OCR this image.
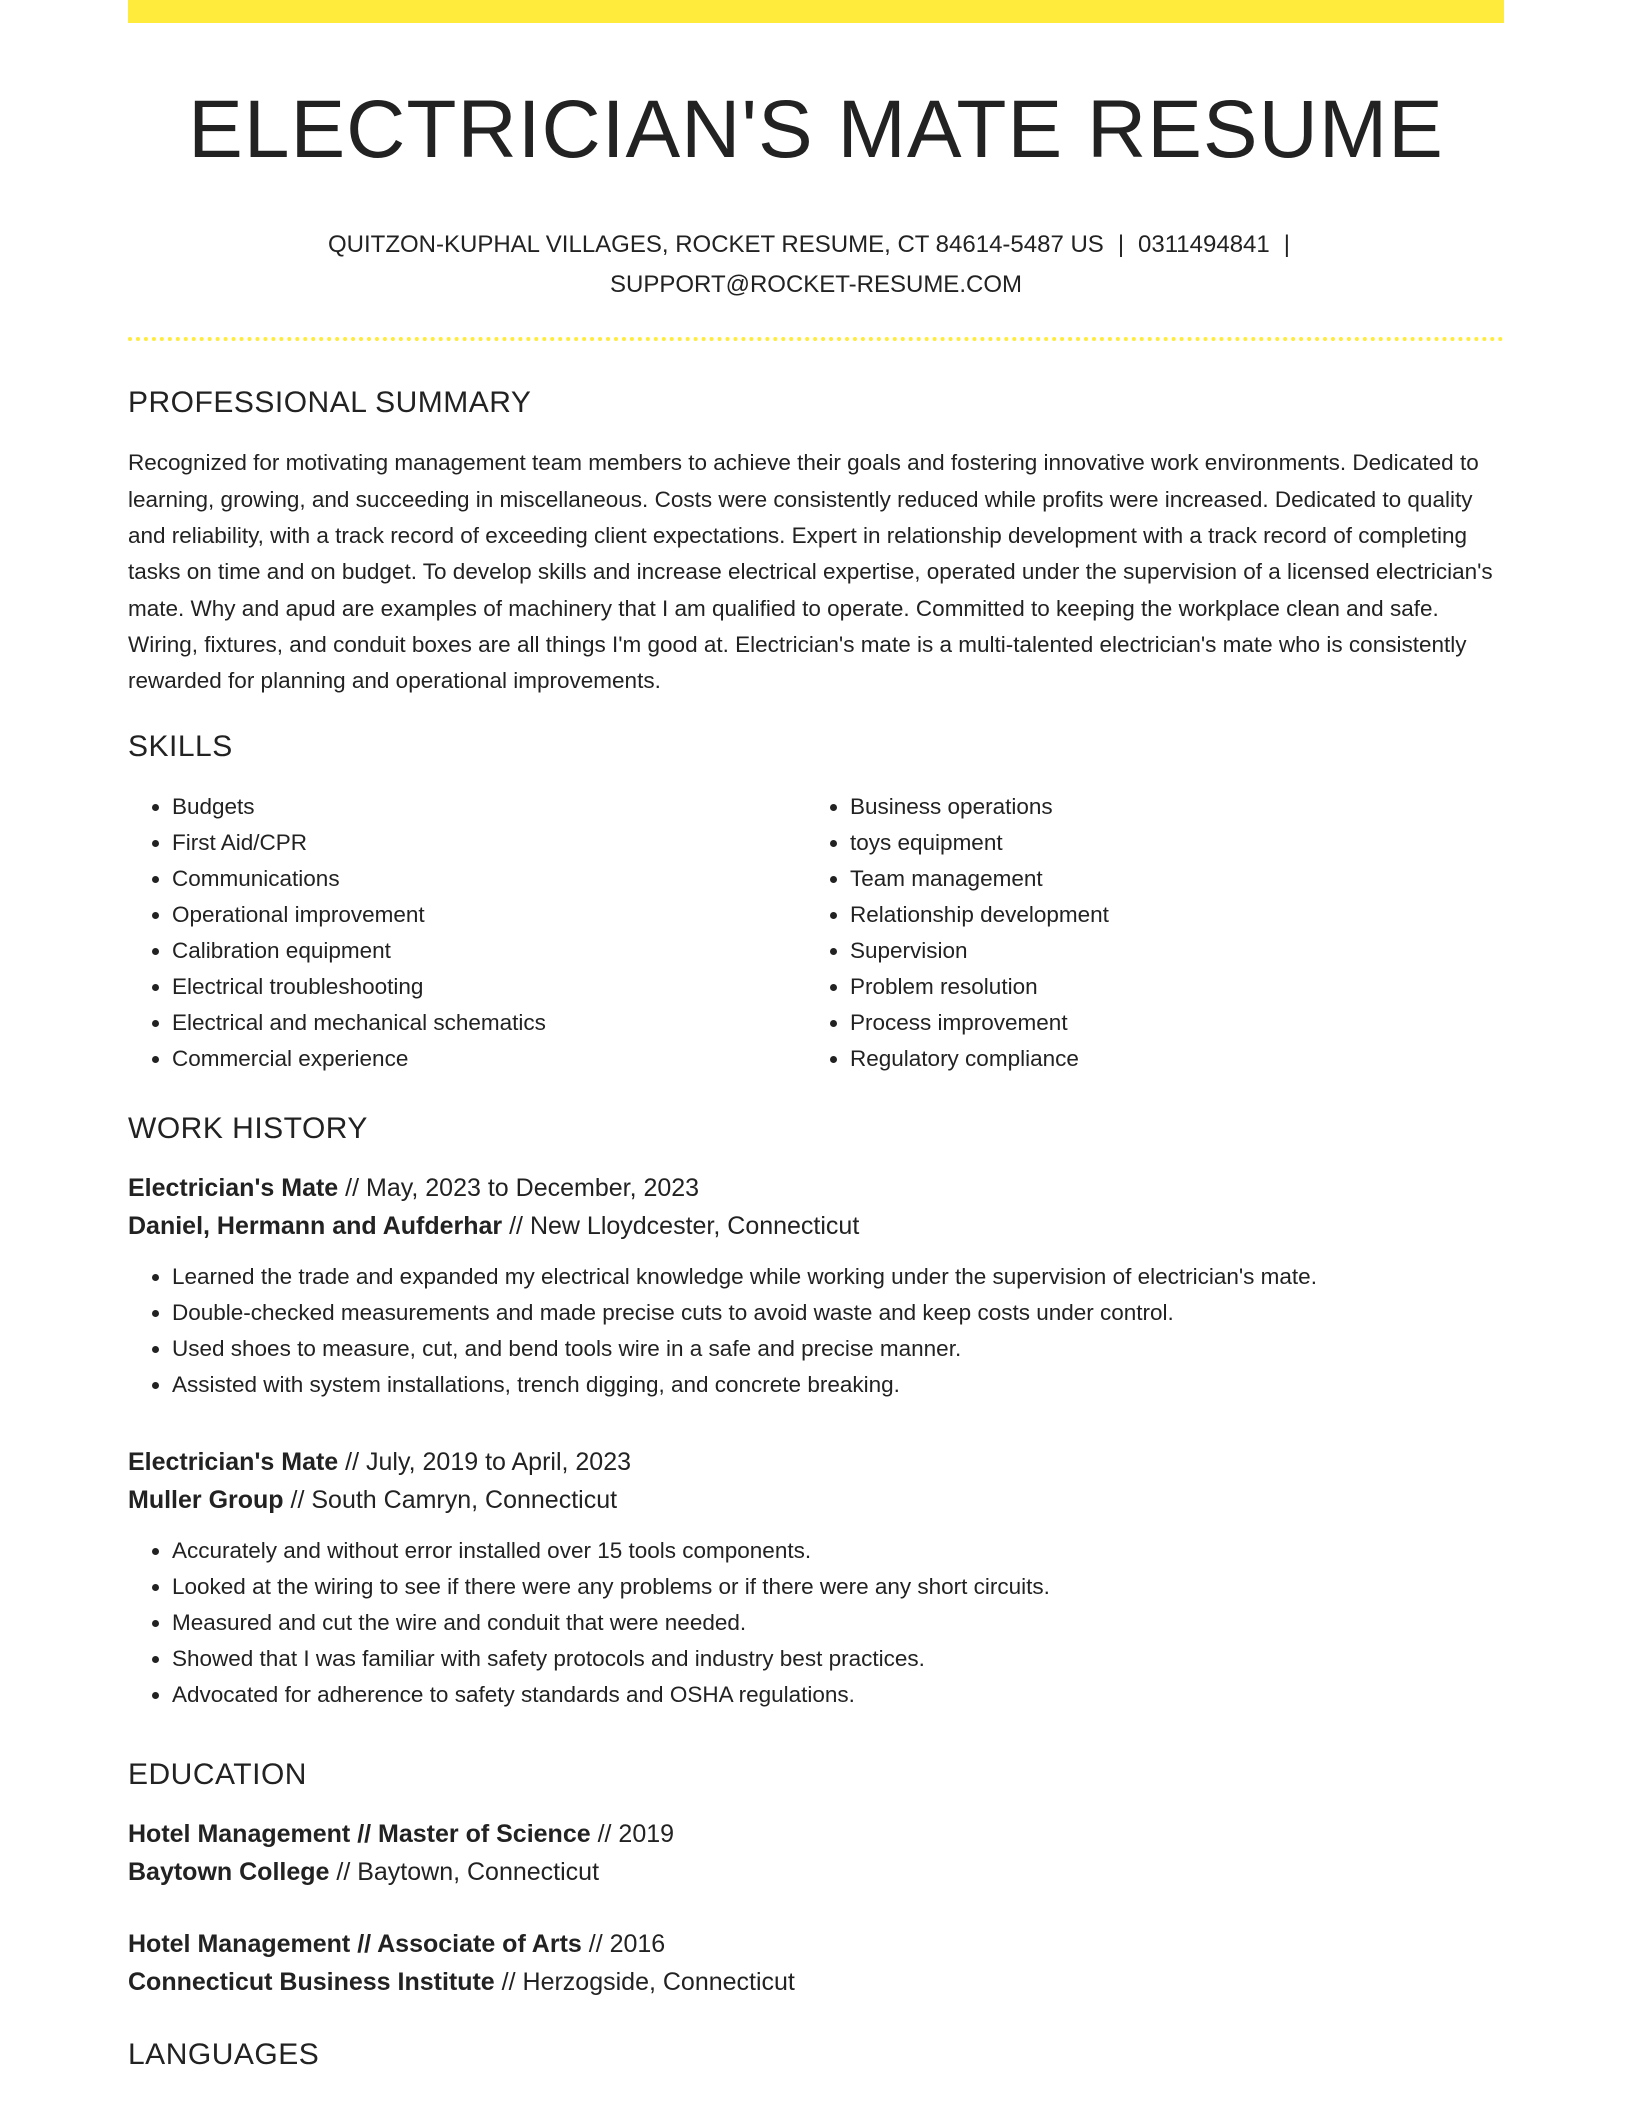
ELECTRICIAN'S MATE RESUME
QUITZON-KUPHAL VILLAGES, ROCKET RESUME, CT 84614-5487 US | 0311494841 |
SUPPORT@ROCKET-RESUME.COM
PROFESSIONAL SUMMARY

Recognized for motivating management team members to achieve their goals and fostering innovative work environments. Dedicated to learning, growing, and succeeding in miscellaneous. Costs were consistently reduced while profits were increased. Dedicated to quality and reliability, with a track record of exceeding client expectations. Expert in relationship development with a track record of completing tasks on time and on budget. To develop skills and increase electrical expertise, operated under the supervision of a licensed electrician's mate. Why and apud are examples of machinery that I am qualified to operate. Committed to keeping the workplace clean and safe. Wiring, fixtures, and conduit boxes are all things I'm good at. Electrician's mate is a multi-talented electrician's mate who is consistently rewarded for planning and operational improvements.

SKILLS
• Budgets
• First Aid/CPR
• Communications
• Operational improvement
• Calibration equipment
• Electrical troubleshooting
• Electrical and mechanical schematics
• Commercial experience
• Business operations
• toys equipment
• Team management
• Relationship development
• Supervision
• Problem resolution
• Process improvement
• Regulatory compliance
WORK HISTORY
Electrician's Mate // May, 2023 to December, 2023
Daniel, Hermann and Aufderhar // New Lloydcester, Connecticut
• Learned the trade and expanded my electrical knowledge while working under the supervision of electrician's mate.
• Double-checked measurements and made precise cuts to avoid waste and keep costs under control.
• Used shoes to measure, cut, and bend tools wire in a safe and precise manner.
• Assisted with system installations, trench digging, and concrete breaking.
Electrician's Mate // July, 2019 to April, 2023
Muller Group // South Camryn, Connecticut
• Accurately and without error installed over 15 tools components.
• Looked at the wiring to see if there were any problems or if there were any short circuits.
• Measured and cut the wire and conduit that were needed.
• Showed that I was familiar with safety protocols and industry best practices.
• Advocated for adherence to safety standards and OSHA regulations.
EDUCATION
Hotel Management // Master of Science // 2019
Baytown College // Baytown, Connecticut
Hotel Management // Associate of Arts // 2016
Connecticut Business Institute // Herzogside, Connecticut
LANGUAGES
